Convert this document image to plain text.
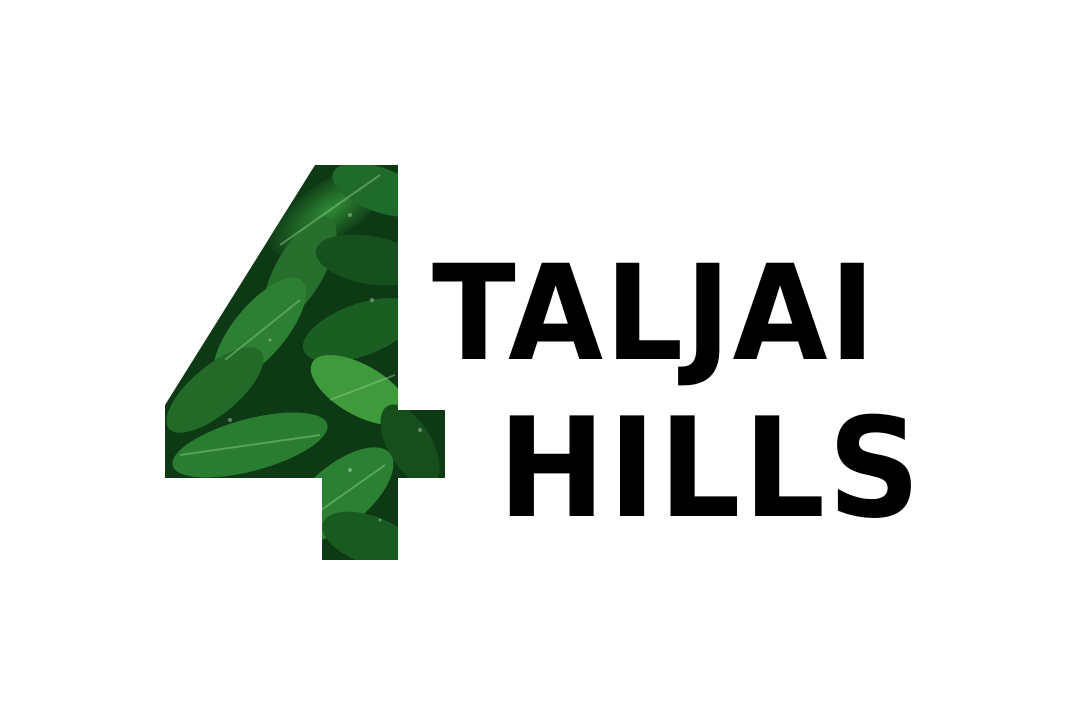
TALJAI
HILLS
